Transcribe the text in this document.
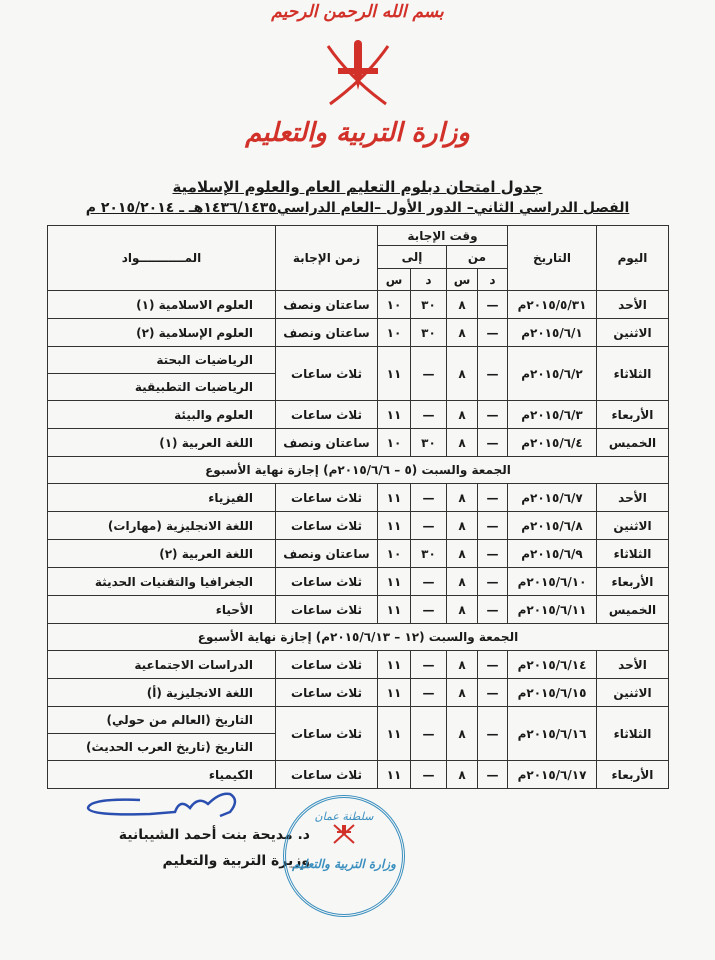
بسم الله الرحمن الرحيم
وزارة التربية والتعليم
جدول امتحان دبلوم التعليم العام والعلوم الإسلامية
الفصل الدراسي الثاني– الدور الأول –العام الدراسي١٤٣٦/١٤٣٥هـ ـ ٢٠١٥/٢٠١٤ م
اليوم	التاريخ	وقت الإجابة				زمن الإجابة	المـــــــــــواد
		من		إلى			
		د	س	د	س		
الأحد	٢٠١٥/٥/٣١م	—	٨	٣٠	١٠	ساعتان ونصف	العلوم الاسلامية (١)
الاثنين	٢٠١٥/٦/١م	—	٨	٣٠	١٠	ساعتان ونصف	العلوم الإسلامية (٢)
الثلاثاء	٢٠١٥/٦/٢م	—	٨	—	١١	ثلاث ساعات	الرياضيات البحتة
							الرياضيات التطبيقية
الأربعاء	٢٠١٥/٦/٣م	—	٨	—	١١	ثلاث ساعات	العلوم والبيئة
الخميس	٢٠١٥/٦/٤م	—	٨	٣٠	١٠	ساعتان ونصف	اللغة العربية (١)
الجمعة والسبت (٥ – ٢٠١٥/٦/٦م) إجازة نهاية الأسبوع							
الأحد	٢٠١٥/٦/٧م	—	٨	—	١١	ثلاث ساعات	الفيزياء
الاثنين	٢٠١٥/٦/٨م	—	٨	—	١١	ثلاث ساعات	اللغة الانجليزية (مهارات)
الثلاثاء	٢٠١٥/٦/٩م	—	٨	٣٠	١٠	ساعتان ونصف	اللغة العربية (٢)
الأربعاء	٢٠١٥/٦/١٠م	—	٨	—	١١	ثلاث ساعات	الجغرافيا والتقنيات الحديثة
الخميس	٢٠١٥/٦/١١م	—	٨	—	١١	ثلاث ساعات	الأحياء
الجمعة والسبت (١٢ – ٢٠١٥/٦/١٣م) إجازة نهاية الأسبوع							
الأحد	٢٠١٥/٦/١٤م	—	٨	—	١١	ثلاث ساعات	الدراسات الاجتماعية
الاثنين	٢٠١٥/٦/١٥م	—	٨	—	١١	ثلاث ساعات	اللغة الانجليزية (أ)
الثلاثاء	٢٠١٥/٦/١٦م	—	٨	—	١١	ثلاث ساعات	التاريخ (العالم من حولي)
							التاريخ (تاريخ العرب الحديث)
الأربعاء	٢٠١٥/٦/١٧م	—	٨	—	١١	ثلاث ساعات	الكيمياء
د. مديحة بنت أحمد الشيبانية
وزيرة التربية والتعليم
سلطنة عمان
وزارة التربية والتعليم
